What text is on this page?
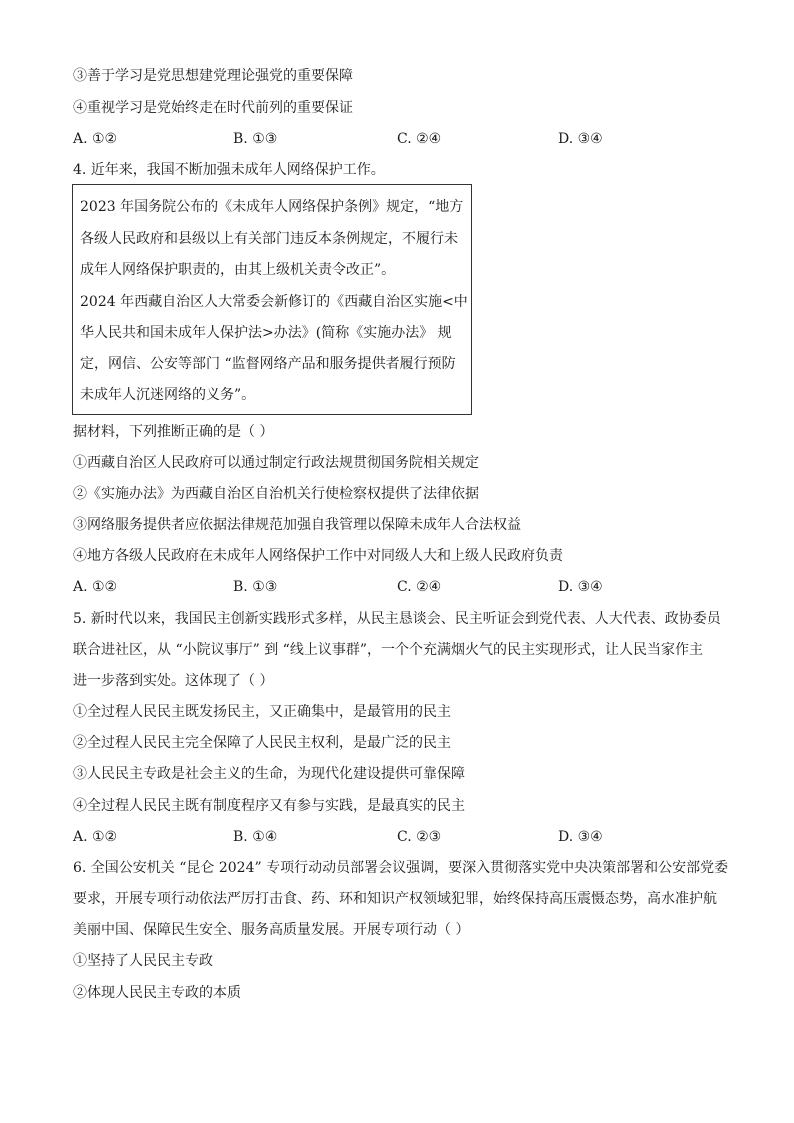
③善于学习是党思想建党理论强党的重要保障
④重视学习是党始终走在时代前列的重要保证
A. ①②	B. ①③	C. ②④	D. ③④
4. 近年来，我国不断加强未成年人网络保护工作。
2023 年国务院公布的《未成年人网络保护条例》规定，“地方
各级人民政府和县级以上有关部门违反本条例规定，不履行未
成年人网络保护职责的，由其上级机关责令改正”。
2024 年西藏自治区人大常委会新修订的《西藏自治区实施<中
华人民共和国未成年人保护法>办法》(简称《实施办法》 规
定，网信、公安等部门 “监督网络产品和服务提供者履行预防
未成年人沉迷网络的义务”。
据材料，下列推断正确的是（ ）
①西藏自治区人民政府可以通过制定行政法规贯彻国务院相关规定
②《实施办法》为西藏自治区自治机关行使检察权提供了法律依据
③网络服务提供者应依据法律规范加强自我管理以保障未成年人合法权益
④地方各级人民政府在未成年人网络保护工作中对同级人大和上级人民政府负责
A. ①②	B. ①③	C. ②④	D. ③④
5. 新时代以来，我国民主创新实践形式多样，从民主恳谈会、民主听证会到党代表、人大代表、政协委员
联合进社区，从 “小院议事厅” 到 “线上议事群”，一个个充满烟火气的民主实现形式，让人民当家作主
进一步落到实处。这体现了（ ）
①全过程人民民主既发扬民主，又正确集中，是最管用的民主
②全过程人民民主完全保障了人民民主权利，是最广泛的民主
③人民民主专政是社会主义的生命，为现代化建设提供可靠保障
④全过程人民民主既有制度程序又有参与实践，是最真实的民主
A. ①②	B. ①④	C. ②③	D. ③④
6. 全国公安机关 “昆仑 2024” 专项行动动员部署会议强调，要深入贯彻落实党中央决策部署和公安部党委
要求，开展专项行动依法严厉打击食、药、环和知识产权领域犯罪，始终保持高压震慑态势，高水准护航
美丽中国、保障民生安全、服务高质量发展。开展专项行动（ ）
①坚持了人民民主专政
②体现人民民主专政的本质
